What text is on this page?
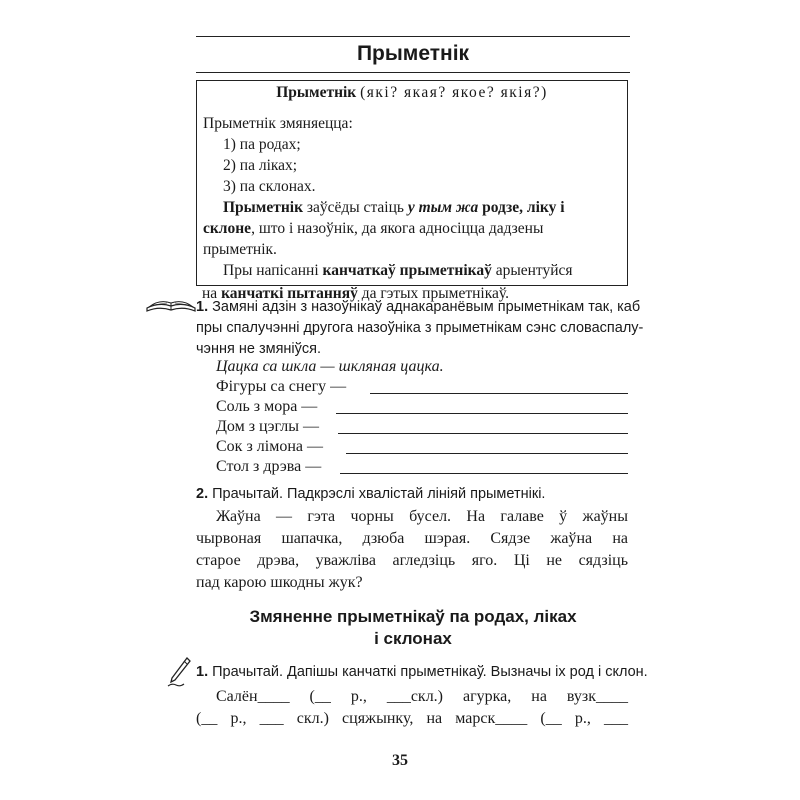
Прыметнік
Прыметнік (які? якая? якое? якія?)
Прыметнік змяняецца:
1) па родах;
2) па ліках;
3) па склонах.
Прыметнік заўсёды стаіць у тым жа родзе, ліку і
склоне, што і назоўнік, да якога адносіцца дадзены
прыметнік.
Пры напісанні канчаткаў прыметнікаў арыентуйся
на канчаткі пытанняў да гэтых прыметнікаў.
1. Замяні адзін з назоўнікаў аднакаранёвым прыметнікам так, каб
пры спалучэнні другога назоўніка з прыметнікам сэнс словаспалу-
чэння не змяніўся.
Цацка са шкла — шкляная цацка.
Фігуры са снегу —
Соль з мора —
Дом з цэглы —
Сок з лімона —
Стол з дрэва —
2. Прачытай. Падкрэслі хвалістай лініяй прыметнікі.
Жаўна — гэта чорны бусел. На галаве ў жаўны
чырвоная шапачка, дзюба шэрая. Сядзе жаўна на
старое дрэва, уважліва агледзіць яго. Ці не сядзіць
пад карою шкодны жук?
Змяненне прыметнікаў па родах, ліках
і склонах
1. Прачытай. Дапішы канчаткі прыметнікаў. Вызначы іх род і склон.
Салён____ (__ р., ___скл.) агурка, на вузк____
(__ р., ___ скл.) сцяжынку, на марск____ (__ р., ___
35
